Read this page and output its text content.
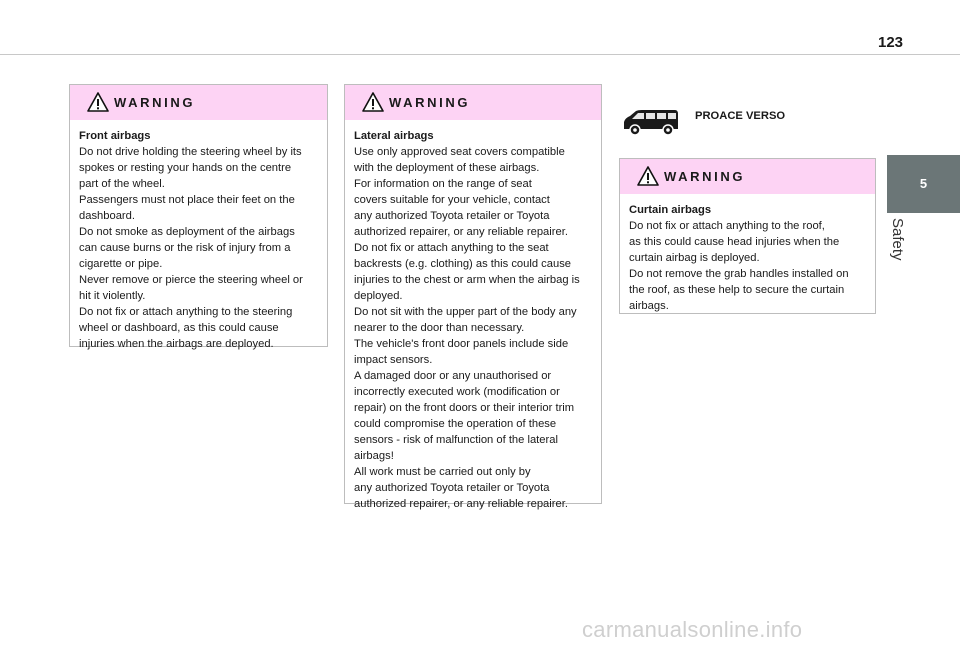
123
5
Safety
WARNING

Front airbags

Do not drive holding the steering wheel by its

spokes or resting your hands on the centre

part of the wheel.

Passengers must not place their feet on the

dashboard.

Do not smoke as deployment of the airbags

can cause burns or the risk of injury from a

cigarette or pipe.

Never remove or pierce the steering wheel or

hit it violently.

Do not fix or attach anything to the steering

wheel or dashboard, as this could cause

injuries when the airbags are deployed.

WARNING

Lateral airbags

Use only approved seat covers compatible

with the deployment of these airbags.

For information on the range of seat

covers suitable for your vehicle, contact

any authorized Toyota retailer or Toyota

authorized repairer, or any reliable repairer.

Do not fix or attach anything to the seat

backrests (e.g. clothing) as this could cause

injuries to the chest or arm when the airbag is

deployed.

Do not sit with the upper part of the body any

nearer to the door than necessary.

The vehicle's front door panels include side

impact sensors.

A damaged door or any unauthorised or

incorrectly executed work (modification or

repair) on the front doors or their interior trim

could compromise the operation of these

sensors - risk of malfunction of the lateral

airbags!

All work must be carried out only by

any authorized Toyota retailer or Toyota

authorized repairer, or any reliable repairer.

PROACE VERSO
WARNING

Curtain airbags

Do not fix or attach anything to the roof,

as this could cause head injuries when the

curtain airbag is deployed.

Do not remove the grab handles installed on

the roof, as these help to secure the curtain

airbags.

carmanualsonline.info
